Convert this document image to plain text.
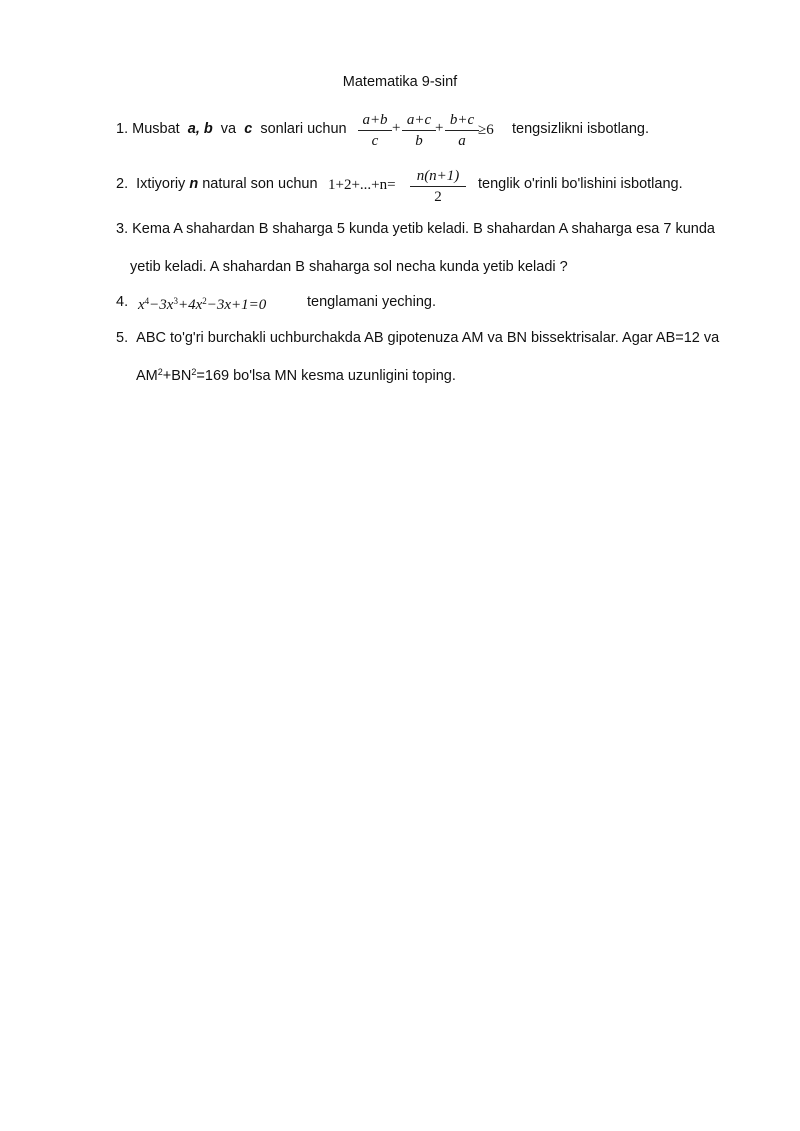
Matematika 9-sinf
1. Musbat a, b va c sonlari uchun
a+b
c
+ a+c
b
+ b+c
a
≥6 tengsizlikni isbotlang.
2. Ixtiyoriy n natural son uchun 1+2+...+n=
n(n+1)
2
tenglik o'rinli bo'lishini isbotlang.
3. Kema A shahardan B shaharga 5 kunda yetib keladi. B shahardan A shaharga esa 7 kunda
yetib keladi. A shahardan B shaharga sol necha kunda yetib keladi ?
4. $x^4-3x^3+4x^2-3x+1=0$	tenglamani yeching.
5. ABC to'g'ri burchakli uchburchakda AB gipotenuza AM va BN bissektrisalar. Agar AB=12 va
$AM^2+BN^2=169$ bo'lsa MN kesma uzunligini toping.
